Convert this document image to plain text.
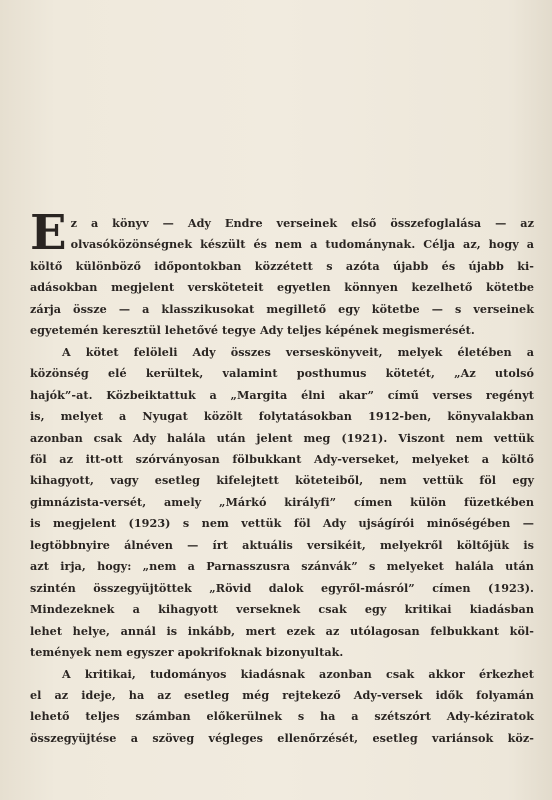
E z a könyv — Ady Endre verseinek első összefoglalása — az
olvasóközönségnek készült és nem a tudománynak. Célja az, hogy a
költő különböző időpontokban közzétett s azóta újabb és újabb ki-
adásokban megjelent versköteteit egyetlen könnyen kezelhető kötetbe
zárja össze — a klasszikusokat megillető egy kötetbe — s verseinek
egyetemén keresztül lehetővé tegye Ady teljes képének megismerését.

A kötet felöleli Ady összes verseskönyveit, melyek életében a
közönség elé kerültek, valamint posthumus kötetét, „Az utolsó
hajók”-at. Közbeiktattuk a „Margita élni akar” című verses regényt
is, melyet a Nyugat közölt folytatásokban 1912-ben, könyvalakban
azonban csak Ady halála után jelent meg (1921). Viszont nem vettük
föl az itt-ott szórványosan fölbukkant Ady-verseket, melyeket a költő
kihagyott, vagy esetleg kifelejtett köteteiből, nem vettük föl egy
gimnázista-versét, amely „Márkó királyfi” címen külön füzetkében
is megjelent (1923) s nem vettük föl Ady ujságírói minőségében —
legtöbbnyire álnéven — írt aktuális versikéit, melyekről költőjük is
azt irja, hogy: „nem a Parnasszusra szánvák” s melyeket halála után
szintén összegyüjtöttek „Rövid dalok egyről-másról” címen (1923).
Mindezeknek a kihagyott verseknek csak egy kritikai kiadásban
lehet helye, annál is inkább, mert ezek az utólagosan felbukkant köl-
temények nem egyszer apokrifoknak bizonyultak.

A kritikai, tudományos kiadásnak azonban csak akkor érkezhet
el az ideje, ha az esetleg még rejtekező Ady-versek idők folyamán
lehető teljes számban előkerülnek s ha a szétszórt Ady-kéziratok
összegyüjtése a szöveg végleges ellenőrzését, esetleg variánsok köz-
